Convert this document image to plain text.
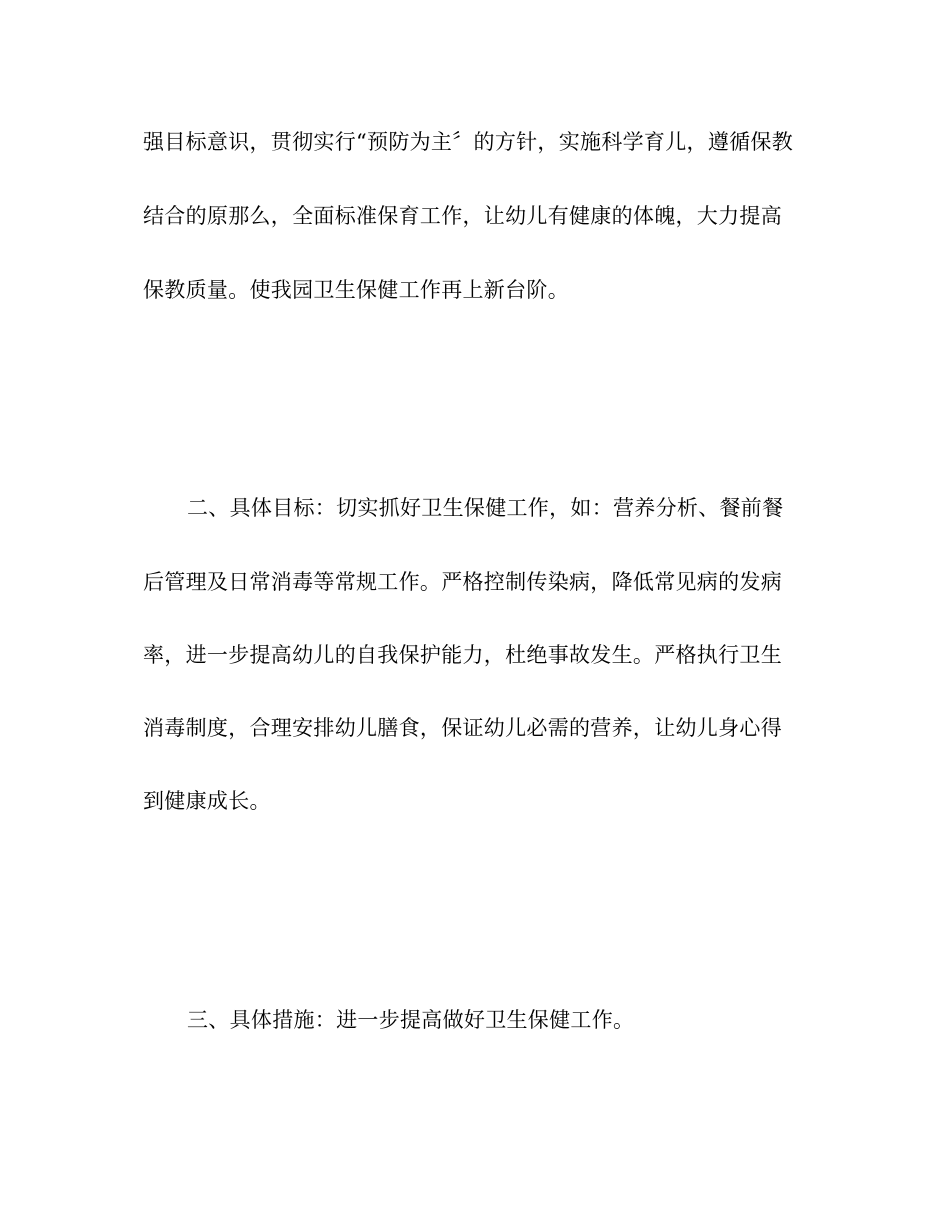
强目标意识，贯彻实行“预防为主〞的方针，实施科学育儿，遵循保教
结合的原那么，全面标准保育工作，让幼儿有健康的体魄，大力提高
保教质量。使我园卫生保健工作再上新台阶。
二、具体目标：切实抓好卫生保健工作，如：营养分析、餐前餐
后管理及日常消毒等常规工作。严格控制传染病，降低常见病的发病
率，进一步提高幼儿的自我保护能力，杜绝事故发生。严格执行卫生
消毒制度，合理安排幼儿膳食，保证幼儿必需的营养，让幼儿身心得
到健康成长。
三、具体措施：进一步提高做好卫生保健工作。
